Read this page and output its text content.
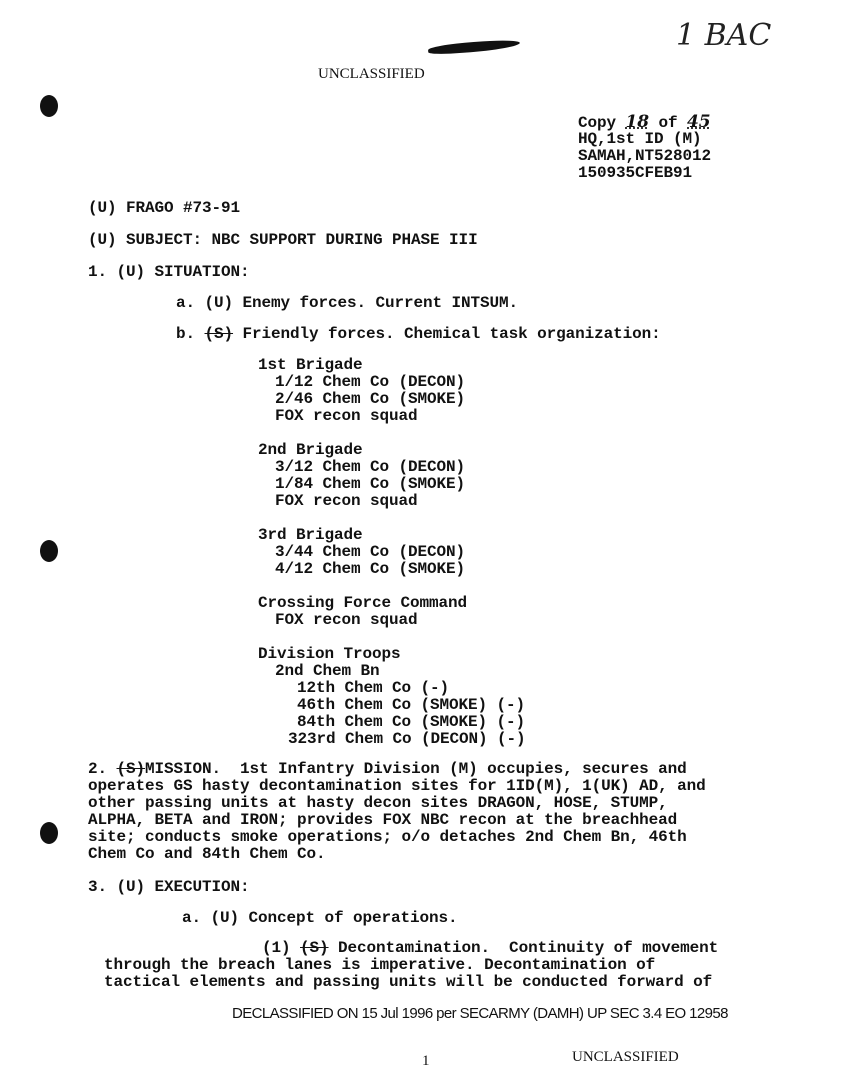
1 BAC
UNCLASSIFIED
Copy 18 of 45
HQ,1st ID (M)
SAMAH,NT528012
150935CFEB91
(U) FRAGO #73-91
(U) SUBJECT: NBC SUPPORT DURING PHASE III
1. (U) SITUATION:
a. (U) Enemy forces. Current INTSUM.
b. (S) Friendly forces. Chemical task organization:
1st Brigade
1/12 Chem Co (DECON)
2/46 Chem Co (SMOKE)
FOX recon squad
2nd Brigade
3/12 Chem Co (DECON)
1/84 Chem Co (SMOKE)
FOX recon squad
3rd Brigade
3/44 Chem Co (DECON)
4/12 Chem Co (SMOKE)
Crossing Force Command
FOX recon squad
Division Troops
2nd Chem Bn
12th Chem Co (-)
46th Chem Co (SMOKE) (-)
84th Chem Co (SMOKE) (-)
323rd Chem Co (DECON) (-)
2. (S)MISSION.  1st Infantry Division (M) occupies, secures and
operates GS hasty decontamination sites for 1ID(M), 1(UK) AD, and
other passing units at hasty decon sites DRAGON, HOSE, STUMP,
ALPHA, BETA and IRON; provides FOX NBC recon at the breachhead
site; conducts smoke operations; o/o detaches 2nd Chem Bn, 46th
Chem Co and 84th Chem Co.
3. (U) EXECUTION:
a. (U) Concept of operations.
(1) (S) Decontamination.  Continuity of movement
through the breach lanes is imperative. Decontamination of
tactical elements and passing units will be conducted forward of
DECLASSIFIED ON 15 Jul 1996 per SECARMY (DAMH) UP SEC 3.4 EO 12958
1	UNCLASSIFIED
